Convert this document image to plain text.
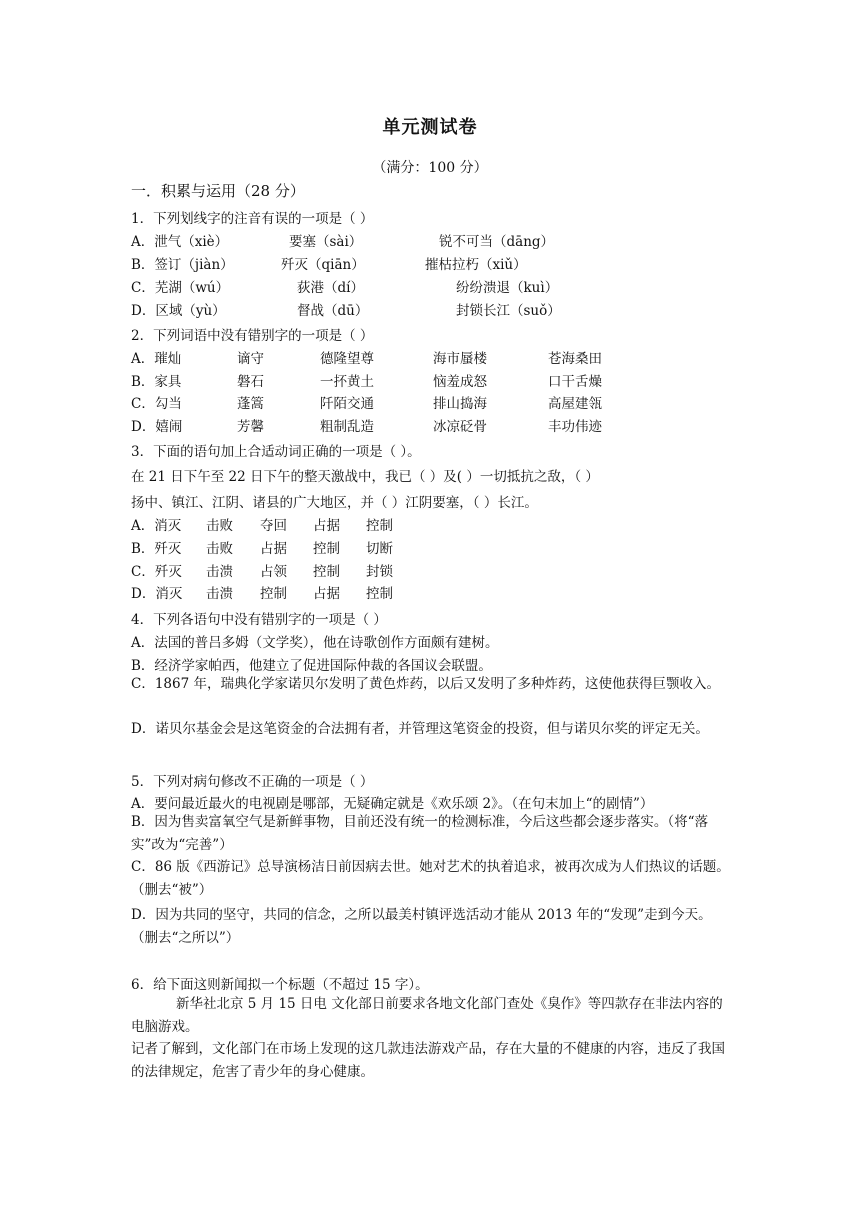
单元测试卷
（满分：100 分）
一．积累与运用（28 分）
1．下列划线字的注音有误的一项是（ ）
A．泄气（xiè）	要塞（sài）	锐不可当（dāng）
B．签订（jiàn）	歼灭（qiān）	摧枯拉朽（xiǔ）
C．芜湖（wú）	荻港（dí）	纷纷溃退（kuì）
D．区域（yù）	督战（dū）	封锁长江（suǒ）
2．下列词语中没有错别字的一项是（ ）
A．璀灿	谪守	德隆望尊	海市蜃楼	苍海桑田
B．家具	磐石	一抔黄土	恼羞成怒	口干舌燥
C．勾当	蓬篙	阡陌交通	排山捣海	高屋建瓴
D．嬉闹	芳馨	粗制乱造	冰凉砭骨	丰功伟迹
3．下面的语句加上合适动词正确的一项是（ ）。
在 21 日下午至 22 日下午的整天激战中，我已（ ）及( ）一切抵抗之敌，（ ）
扬中、镇江、江阴、诸县的广大地区，并（ ）江阴要塞，（ ）长江。
A．消灭 击败 夺回 占据 控制
B．歼灭 击败 占据 控制 切断
C．歼灭 击溃 占领 控制 封锁
D．消灭 击溃 控制 占据 控制
4．下列各语句中没有错别字的一项是（ ）
A．法国的普吕多姆（文学奖），他在诗歌创作方面颇有建树。
B．经济学家帕西，他建立了促进国际仲裁的各国议会联盟。
C．1867 年，瑞典化学家诺贝尔发明了黄色炸药，以后又发明了多种炸药，这使他获得巨颚收入。
D．诺贝尔基金会是这笔资金的合法拥有者，并管理这笔资金的投资，但与诺贝尔奖的评定无关。
5．下列对病句修改不正确的一项是（ ）
A．要问最近最火的电视剧是哪部，无疑确定就是《欢乐颂 2》。（在句末加上“的剧情”）
B．因为售卖富氧空气是新鲜事物，目前还没有统一的检测标准，今后这些都会逐步落实。（将“落实”改为“完善”）
C．86 版《西游记》总导演杨洁日前因病去世。她对艺术的执着追求，被再次成为人们热议的话题。（删去“被”）
D．因为共同的坚守，共同的信念，之所以最美村镇评选活动才能从 2013 年的“发现”走到今天。（删去“之所以”）
6．给下面这则新闻拟一个标题（不超过 15 字）。
新华社北京 5 月 15 日电 文化部日前要求各地文化部门查处《臭作》等四款存在非法内容的电脑游戏。
记者了解到，文化部门在市场上发现的这几款违法游戏产品，存在大量的不健康的内容，违反了我国的法律规定，危害了青少年的身心健康。
